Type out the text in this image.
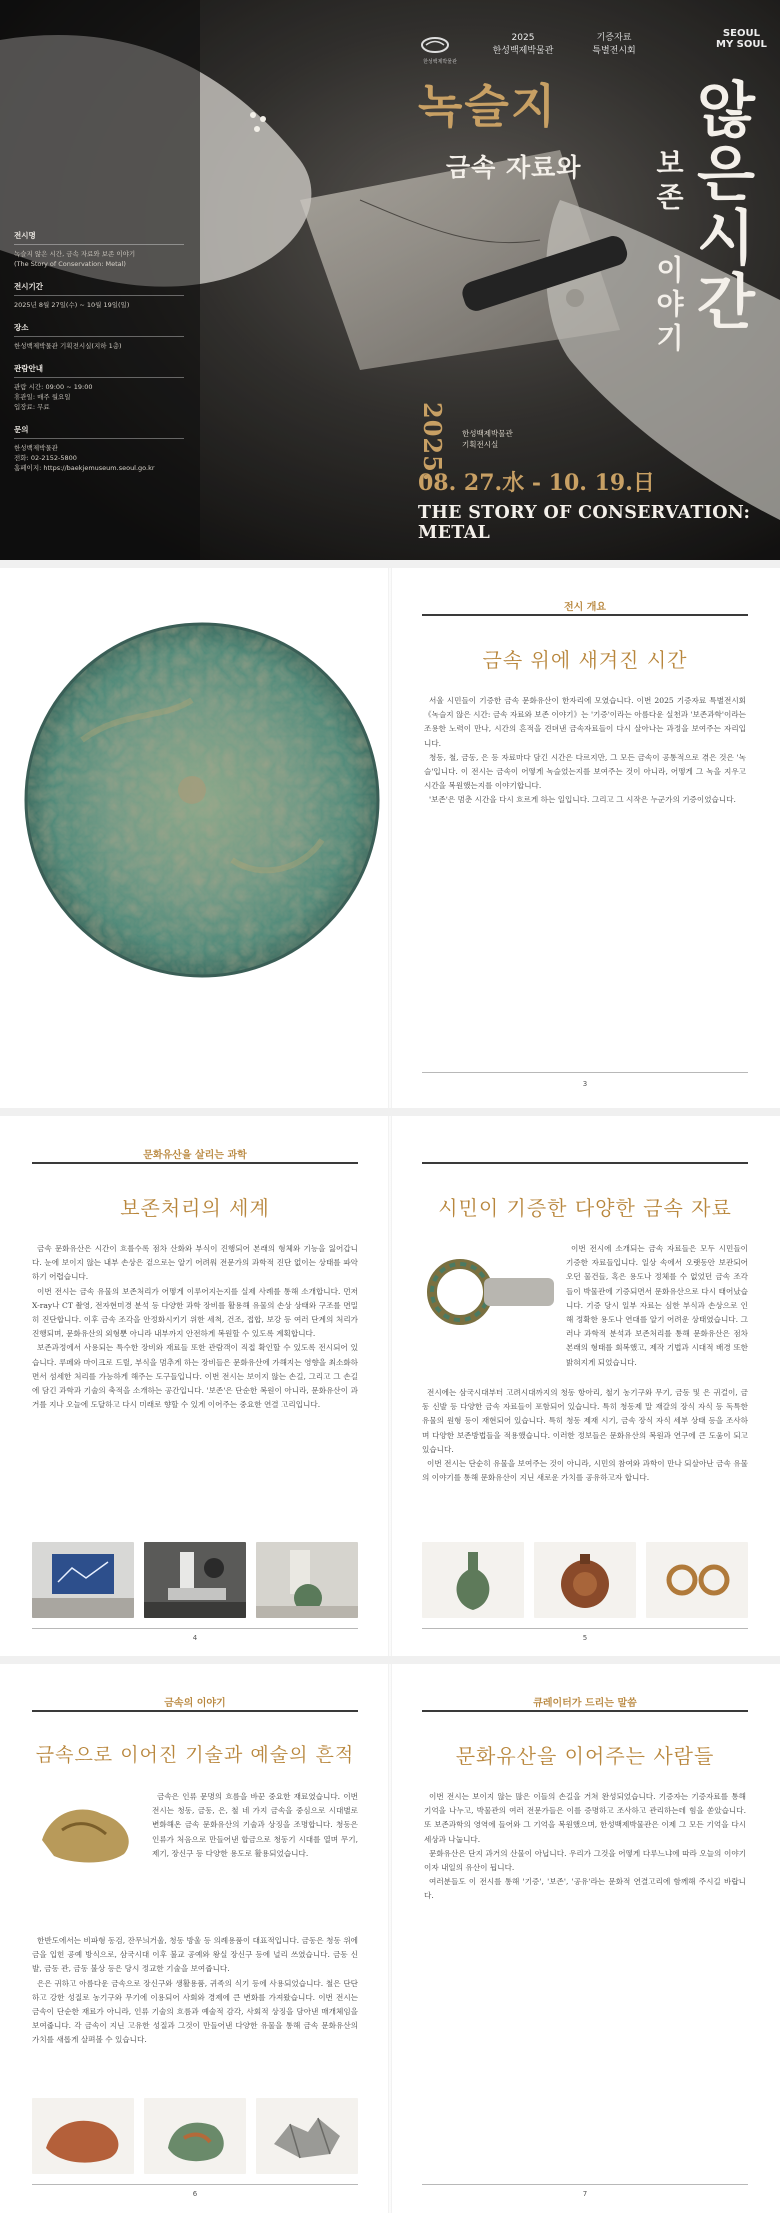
한성백제박물관
2025
한성백제박물관
기증자료
특별전시회
SEOUL
MY SOUL
녹슬지
금속 자료와	보존 이야기 않은시간
2025. 한성백제박물관
기획전시실
08. 27.水 - 10. 19.日
THE STORY OF CONSERVATION: METAL
전시명
녹슬지 않은 시간, 금속 자료와 보존 이야기
(The Story of Conservation: Metal)
전시기간
2025년 8월 27일(수) ~ 10월 19일(일)
장소
한성백제박물관 기획전시실(지하 1층)
관람안내
관람 시간: 09:00 ~ 19:00
휴관일: 매주 월요일
입장료: 무료
문의
한성백제박물관
전화: 02-2152-5800
홈페이지: https://baekjemuseum.seoul.go.kr
전시 개요
금속 위에 새겨진 시간

서울 시민들이 기증한 금속 문화유산이 한자리에 모였습니다. 이번 2025 기증자료 특별전시회 《녹슬지 않은 시간: 금속 자료와 보존 이야기》는 '기증'이라는 아름다운 실천과 '보존과학'이라는 조용한 노력이 만나, 시간의 흔적을 견뎌낸 금속자료들이 다시 살아나는 과정을 보여주는 자리입니다.

청동, 철, 금동, 은 등 자료마다 담긴 시간은 다르지만, 그 모든 금속이 공통적으로 겪은 것은 '녹슬'입니다. 이 전시는 금속이 어떻게 녹슬었는지를 보여주는 것이 아니라, 어떻게 그 녹을 지우고 시간을 복원했는지를 이야기합니다.

'보존'은 멈춘 시간을 다시 흐르게 하는 일입니다. 그리고 그 시작은 누군가의 기증이었습니다.

3
문화유산을 살리는 과학
보존처리의 세계

금속 문화유산은 시간이 흐를수록 점차 산화와 부식이 진행되어 본래의 형체와 기능을 잃어갑니다. 눈에 보이지 않는 내부 손상은 겉으로는 알기 어려워 전문가의 과학적 진단 없이는 상태를 파악하기 어렵습니다.

이번 전시는 금속 유물의 보존처리가 어떻게 이루어지는지를 실제 사례를 통해 소개합니다. 먼저 X-ray나 CT 촬영, 전자현미경 분석 등 다양한 과학 장비를 활용해 유물의 손상 상태와 구조를 면밀히 진단합니다. 이후 금속 조각을 안정화시키기 위한 세척, 건조, 접합, 보강 등 여러 단계의 처리가 진행되며, 문화유산의 외형뿐 아니라 내부까지 안전하게 복원할 수 있도록 계획합니다.

보존과정에서 사용되는 특수한 장비와 재료들 또한 관람객이 직접 확인할 수 있도록 전시되어 있습니다. 루페와 마이크로 드릴, 부식을 멈추게 하는 장비들은 문화유산에 가해지는 영향을 최소화하면서 섬세한 처리를 가능하게 해주는 도구들입니다. 이번 전시는 보이지 않는 손길, 그리고 그 손길에 담긴 과학과 기술의 축적을 소개하는 공간입니다. '보존'은 단순한 복원이 아니라, 문화유산이 과거를 지나 오늘에 도달하고 다시 미래로 향할 수 있게 이어주는 중요한 연결 고리입니다.

4
시민이 기증한 다양한 금속 자료

이번 전시에 소개되는 금속 자료들은 모두 시민들이 기증한 자료들입니다. 일상 속에서 오랫동안 보관되어 오던 물건들, 혹은 용도나 정체를 수 없었던 금속 조각들이 박물관에 기증되면서 문화유산으로 다시 태어났습니다. 기증 당시 일부 자료는 심한 부식과 손상으로 인해 정확한 용도나 연대를 알기 어려운 상태였습니다. 그러나 과학적 분석과 보존처리를 통해 문화유산은 점차 본래의 형태를 회복했고, 제작 기법과 시대적 배경 또한 밝혀지게 되었습니다.

전시에는 삼국시대부터 고려시대까지의 청동 항아리, 철기 농기구와 무기, 금동 및 은 귀걸이, 금동 신발 등 다양한 금속 자료들이 포함되어 있습니다. 특히 청동제 말 재갈의 장식 자식 등 독특한 유물의 원형 등이 재현되어 있습니다. 특히 청동 제재 시기, 금속 장식 자식 세부 상태 등을 조사하며 다양한 보존방법들을 적용했습니다. 이러한 정보들은 문화유산의 복원과 연구에 큰 도움이 되고 있습니다.

이번 전시는 단순히 유물을 보여주는 것이 아니라, 시민의 참여와 과학이 만나 되살아난 금속 유물의 이야기를 통해 문화유산이 지닌 새로운 가치를 공유하고자 합니다.

5
금속의 이야기
금속으로 이어진 기술과 예술의 흔적

금속은 인류 문명의 흐름을 바꾼 중요한 재료였습니다. 이번 전시는 청동, 금동, 은, 철 네 가지 금속을 중심으로 시대별로 변화해온 금속 문화유산의 기술과 상징을 조명합니다. 청동은 인류가 처음으로 만들어낸 합금으로 청동기 시대를 열며 무기, 제기, 장신구 등 다양한 용도로 활용되었습니다.

한반도에서는 비파형 동검, 잔무늬거울, 청동 방울 등 의례용품이 대표적입니다. 금동은 청동 위에 금을 입힌 공예 방식으로, 삼국시대 이후 불교 공예와 왕실 장신구 등에 널리 쓰였습니다. 금동 신발, 금동 관, 금동 불상 등은 당시 정교한 기술을 보여줍니다.

은은 귀하고 아름다운 금속으로 장신구와 생활용품, 귀족의 식기 등에 사용되었습니다. 철은 단단하고 강한 성질로 농기구와 무기에 이용되어 사회와 경제에 큰 변화를 가져왔습니다. 이번 전시는 금속이 단순한 재료가 아니라, 인류 기술의 흐름과 예술적 감각, 사회적 상징을 담아낸 매개체임을 보여줍니다. 각 금속이 지닌 고유한 성질과 그것이 만들어낸 다양한 유물을 통해 금속 문화유산의 가치를 새롭게 살펴볼 수 있습니다.

6
큐레이터가 드리는 말씀
문화유산을 이어주는 사람들

이번 전시는 보이지 않는 많은 이들의 손길을 거쳐 완성되었습니다. 기증자는 기증자료를 통해 기억을 나누고, 박물관의 여러 전문가들은 이를 증명하고 조사하고 관리하는데 힘을 쏟았습니다. 또 보존과학의 영역에 들어와 그 기억을 복원했으며, 한성백제박물관은 이제 그 모든 기억을 다시 세상과 나눕니다.

문화유산은 단지 과거의 산물이 아닙니다. 우리가 그것을 어떻게 다루느냐에 따라 오늘의 이야기이자 내일의 유산이 됩니다.

여러분들도 이 전시를 통해 '기증', '보존', '공유'라는 문화적 연결고리에 함께해 주시길 바랍니다.

7
